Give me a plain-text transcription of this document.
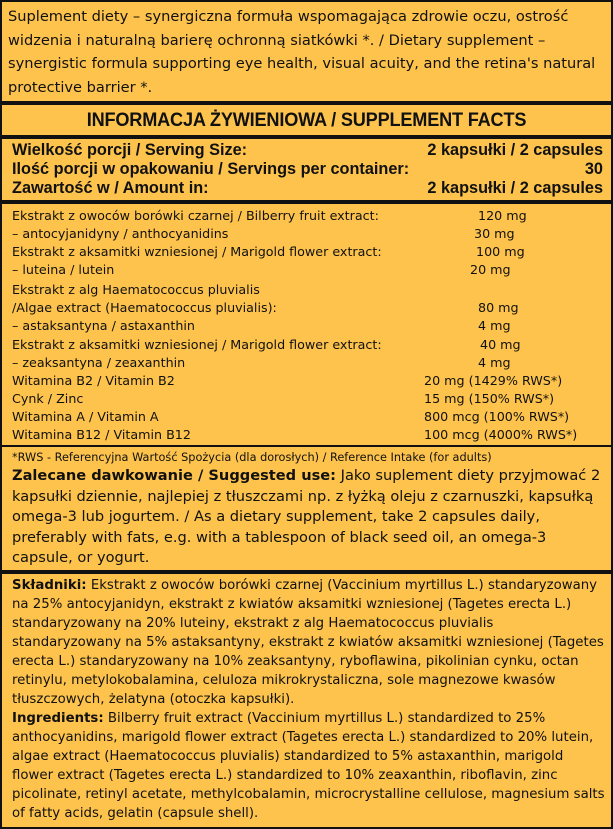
Suplement diety – synergiczna formuła wspomagająca zdrowie oczu, ostrość widzenia i naturalną barierę ochronną siatkówki *. / Dietary supplement – synergistic formula supporting eye health, visual acuity, and the retina's natural protective barrier *.
INFORMACJA ŻYWIENIOWA / SUPPLEMENT FACTS
Wielkość porcji / Serving Size:	2 kapsułki / 2 capsules
Ilość porcji w opakowaniu / Servings per container:	30
Zawartość w / Amount in:	2 kapsułki / 2 capsules
Ekstrakt z owoców borówki czarnej / Bilberry fruit extract:	120 mg
– antocyjanidyny / anthocyanidins	30 mg
Ekstrakt z aksamitki wzniesionej / Marigold flower extract:	100 mg
– luteina / lutein	20 mg
Ekstrakt z alg Haematococcus pluvialis
/Algae extract (Haematococcus pluvialis):	80 mg
– astaksantyna / astaxanthin	4 mg
Ekstrakt z aksamitki wzniesionej / Marigold flower extract:	40 mg
– zeaksantyna / zeaxanthin	4 mg
Witamina B2 / Vitamin B2	20 mg (1429% RWS*)
Cynk / Zinc	15 mg (150% RWS*)
Witamina A / Vitamin A	800 mcg (100% RWS*)
Witamina B12 / Vitamin B12	100 mcg (4000% RWS*)
*RWS - Referencyjna Wartość Spożycia (dla dorosłych) / Reference Intake (for adults)
Zalecane dawkowanie / Suggested use: Jako suplement diety przyjmować 2 kapsułki dziennie, najlepiej z tłuszczami np. z łyżką oleju z czarnuszki, kapsułką omega-3 lub jogurtem. / As a dietary supplement, take 2 capsules daily, preferably with fats, e.g. with a tablespoon of black seed oil, an omega-3 capsule, or yogurt.
Składniki: Ekstrakt z owoców borówki czarnej (Vaccinium myrtillus L.) standaryzowany na 25% antocyjanidyn, ekstrakt z kwiatów aksamitki wzniesionej (Tagetes erecta L.) standaryzowany na 20% luteiny, ekstrakt z alg Haematococcus pluvialis standaryzowany na 5% astaksantyny, ekstrakt z kwiatów aksamitki wzniesionej (Tagetes erecta L.) standaryzowany na 10% zeaksantyny, ryboflawina, pikolinian cynku, octan retinylu, metylokobalamina, celuloza mikrokrystaliczna, sole magnezowe kwasów tłuszczowych, żelatyna (otoczka kapsułki).
Ingredients: Bilberry fruit extract (Vaccinium myrtillus L.) standardized to 25% anthocyanidins, marigold flower extract (Tagetes erecta L.) standardized to 20% lutein, algae extract (Haematococcus pluvialis) standardized to 5% astaxanthin, marigold flower extract (Tagetes erecta L.) standardized to 10% zeaxanthin, riboflavin, zinc picolinate, retinyl acetate, methylcobalamin, microcrystalline cellulose, magnesium salts of fatty acids, gelatin (capsule shell).
